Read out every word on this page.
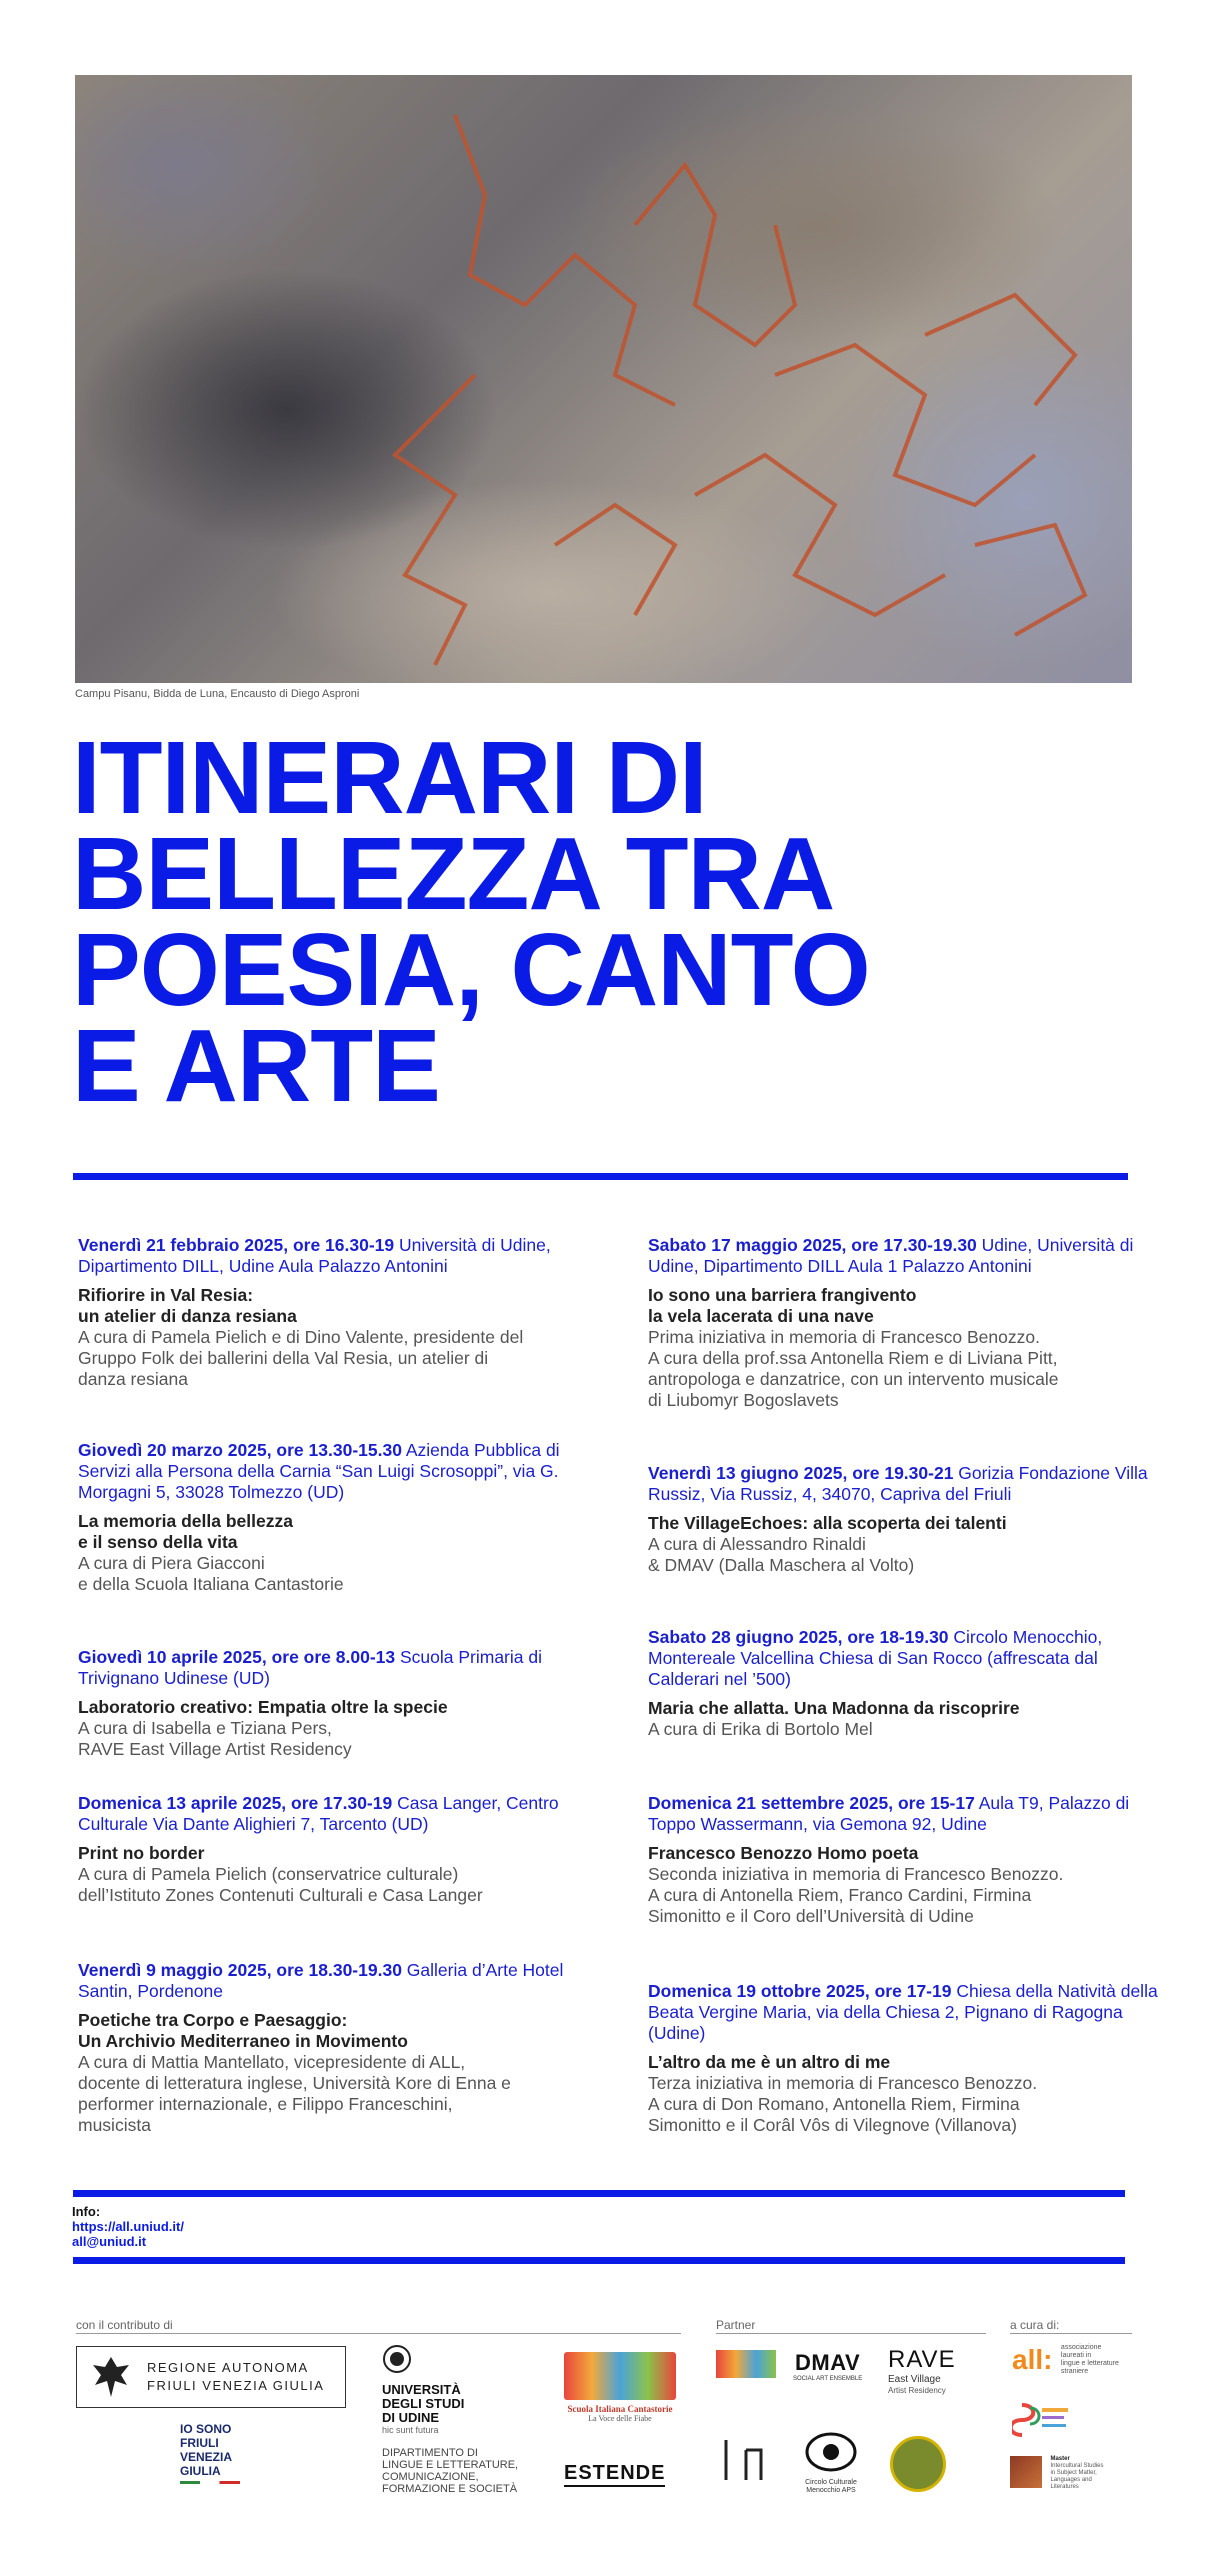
Campu Pisanu, Bidda de Luna, Encausto di Diego Asproni
ITINERARI DI
BELLEZZA TRA
POESIA, CANTO
E ARTE
Venerdì 21 febbraio 2025, ore 16.30-19 Università di Udine, Dipartimento DILL, Udine Aula Palazzo Antonini
Rifiorire in Val Resia:
un atelier di danza resiana
A cura di Pamela Pielich e di Dino Valente, presidente del
Gruppo Folk dei ballerini della Val Resia, un atelier di
danza resiana
Giovedì 20 marzo 2025, ore 13.30-15.30 Azienda Pubblica di Servizi alla Persona della Carnia “San Luigi Scrosoppi”, via G. Morgagni 5, 33028 Tolmezzo (UD)
La memoria della bellezza
e il senso della vita
A cura di Piera Giacconi
e della Scuola Italiana Cantastorie
Giovedì 10 aprile 2025, ore ore 8.00-13 Scuola Primaria di Trivignano Udinese (UD)
Laboratorio creativo: Empatia oltre la specie
A cura di Isabella e Tiziana Pers,
RAVE East Village Artist Residency
Domenica 13 aprile 2025, ore 17.30-19 Casa Langer, Centro Culturale Via Dante Alighieri 7, Tarcento (UD)
Print no border
A cura di Pamela Pielich (conservatrice culturale)
dell’Istituto Zones Contenuti Culturali e Casa Langer
Venerdì 9 maggio 2025, ore 18.30-19.30 Galleria d’Arte Hotel Santin, Pordenone
Poetiche tra Corpo e Paesaggio:
Un Archivio Mediterraneo in Movimento
A cura di Mattia Mantellato, vicepresidente di ALL,
docente di letteratura inglese, Università Kore di Enna e
performer internazionale, e Filippo Franceschini,
musicista
Sabato 17 maggio 2025, ore 17.30-19.30 Udine, Università di Udine, Dipartimento DILL Aula 1 Palazzo Antonini
Io sono una barriera frangivento
la vela lacerata di una nave
Prima iniziativa in memoria di Francesco Benozzo.
A cura della prof.ssa Antonella Riem e di Liviana Pitt,
antropologa e danzatrice, con un intervento musicale
di Liubomyr Bogoslavets
Venerdì 13 giugno 2025, ore 19.30-21 Gorizia Fondazione Villa Russiz, Via Russiz, 4, 34070, Capriva del Friuli
The VillageEchoes: alla scoperta dei talenti
A cura di Alessandro Rinaldi
& DMAV (Dalla Maschera al Volto)
Sabato 28 giugno 2025, ore 18-19.30 Circolo Menocchio, Montereale Valcellina Chiesa di San Rocco (affrescata dal Calderari nel ’500)
Maria che allatta. Una Madonna da riscoprire
A cura di Erika di Bortolo Mel
Domenica 21 settembre 2025, ore 15-17 Aula T9, Palazzo di Toppo Wassermann, via Gemona 92, Udine
Francesco Benozzo Homo poeta
Seconda iniziativa in memoria di Francesco Benozzo.
A cura di Antonella Riem, Franco Cardini, Firmina
Simonitto e il Coro dell’Università di Udine
Domenica 19 ottobre 2025, ore 17-19 Chiesa della Natività della Beata Vergine Maria, via della Chiesa 2, Pignano di Ragogna (Udine)
L’altro da me è un altro di me
Terza iniziativa in memoria di Francesco Benozzo.
A cura di Don Romano, Antonella Riem, Firmina
Simonitto e il Corâl Vôs di Vilegnove (Villanova)
Info:
https://all.uniud.it/
all@uniud.it
con il contributo di	Partner	a cura di:
REGIONE AUTONOMA
FRIULI VENEZIA GIULIA
IO SONO
FRIULI
VENEZIA
GIULIA
UNIVERSITÀ
DEGLI STUDI
DI UDINE
hic sunt futura
DIPARTIMENTO DI
LINGUE E LETTERATURE,
COMUNICAZIONE,
FORMAZIONE E SOCIETÀ
Scuola Italiana Cantastorie
La Voce delle Fiabe
ESTENDE
DMAV
SOCIAL ART ENSEMBLE
RAVE
East Village
Artist Residency
Circolo Culturale
Menocchio APS
all: associazione
laureati in
lingue e letterature
straniere

Master
Intercultural Studies
in Subject Matter,
Languages and
Literatures
